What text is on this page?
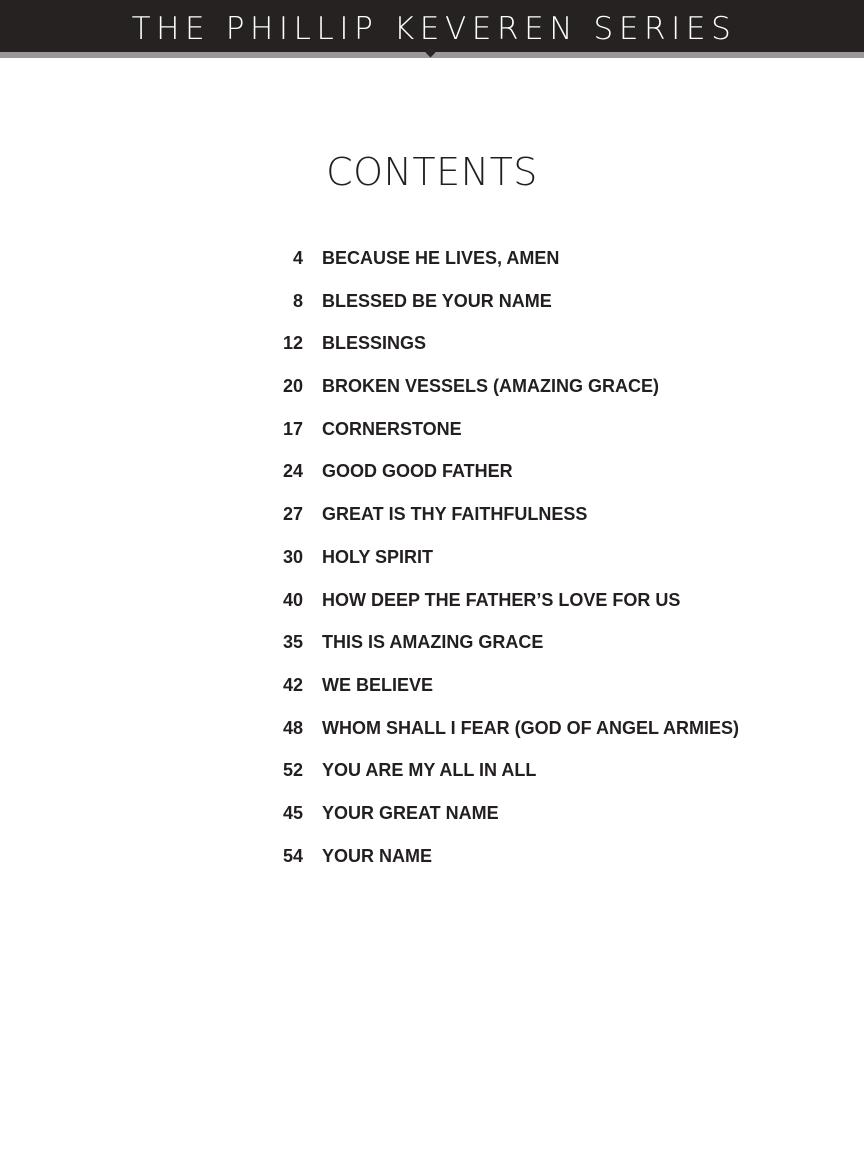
THE PHILLIP KEVEREN SERIES
CONTENTS
4 BECAUSE HE LIVES, AMEN
8 BLESSED BE YOUR NAME
12 BLESSINGS
20 BROKEN VESSELS (AMAZING GRACE)
17 CORNERSTONE
24 GOOD GOOD FATHER
27 GREAT IS THY FAITHFULNESS
30 HOLY SPIRIT
40 HOW DEEP THE FATHER’S LOVE FOR US
35 THIS IS AMAZING GRACE
42 WE BELIEVE
48 WHOM SHALL I FEAR (GOD OF ANGEL ARMIES)
52 YOU ARE MY ALL IN ALL
45 YOUR GREAT NAME
54 YOUR NAME
